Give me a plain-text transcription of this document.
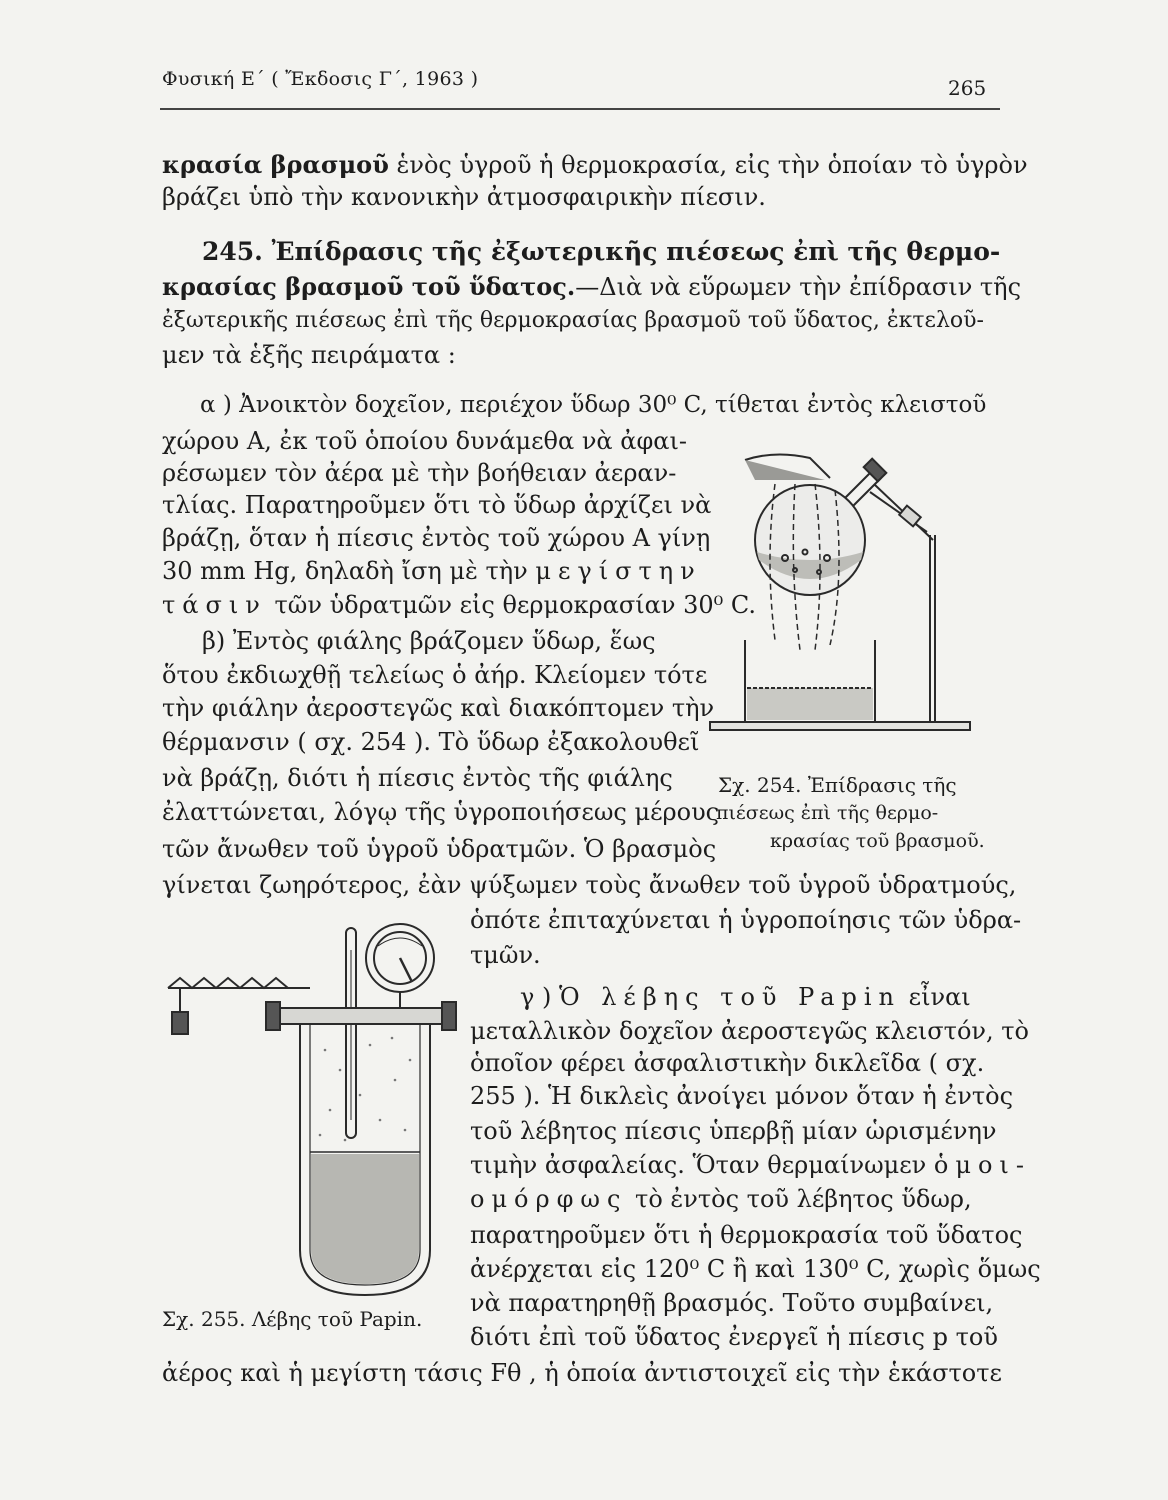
Φυσική Ε΄ ( Ἔκδοσις Γ΄, 1963 )	265
κρασία βρασμοῦ ἑνὸς ὑγροῦ ἡ θερμοκρασία, εἰς τὴν ὁποίαν τὸ ὑγρὸν
βράζει ὑπὸ τὴν κανονικὴν ἀτμοσφαιρικὴν πίεσιν.
245. Ἐπίδρασις τῆς ἐξωτερικῆς πιέσεως ἐπὶ τῆς θερμο-
κρασίας βρασμοῦ τοῦ ὕδατος.—Διὰ νὰ εὕρωμεν τὴν ἐπίδρασιν τῆς
ἐξωτερικῆς πιέσεως ἐπὶ τῆς θερμοκρασίας βρασμοῦ τοῦ ὕδατος, ἐκτελοῦ-
μεν τὰ ἑξῆς πειράματα :
α ) Ἀνοικτὸν δοχεῖον, περιέχον ὕδωρ 30⁰ C, τίθεται ἐντὸς κλειστοῦ
χώρου Α, ἐκ τοῦ ὁποίου δυνάμεθα νὰ ἀφαι-
ρέσωμεν τὸν ἀέρα μὲ τὴν βοήθειαν ἀεραν-
τλίας. Παρατηροῦμεν ὅτι τὸ ὕδωρ ἀρχίζει νὰ
βράζῃ, ὅταν ἡ πίεσις ἐντὸς τοῦ χώρου Α γίνῃ
30 mm Hg, δηλαδὴ ἴση μὲ τὴν μεγίστην
τάσιν τῶν ὑδρατμῶν εἰς θερμοκρασίαν 30⁰ C.
β) Ἐντὸς φιάλης βράζομεν ὕδωρ, ἕως
ὅτου ἐκδιωχθῇ τελείως ὁ ἀήρ. Κλείομεν τότε
τὴν φιάλην ἀεροστεγῶς καὶ διακόπτομεν τὴν
θέρμανσιν ( σχ. 254 ). Τὸ ὕδωρ ἐξακολουθεῖ
νὰ βράζῃ, διότι ἡ πίεσις ἐντὸς τῆς φιάλης
ἐλαττώνεται, λόγῳ τῆς ὑγροποιήσεως μέρους
τῶν ἄνωθεν τοῦ ὑγροῦ ὑδρατμῶν. Ὁ βρασμὸς
γίνεται ζωηρότερος, ἐὰν ψύξωμεν τοὺς ἄνωθεν τοῦ ὑγροῦ ὑδρατμούς,
ὁπότε ἐπιταχύνεται ἡ ὑγροποίησις τῶν ὑδρα-
τμῶν.
γ ) Ὁ λέβης τοῦ Papin εἶναι
μεταλλικὸν δοχεῖον ἀεροστεγῶς κλειστόν, τὸ
ὁποῖον φέρει ἀσφαλιστικὴν δικλεῖδα ( σχ.
255 ). Ἡ δικλεὶς ἀνοίγει μόνον ὅταν ἡ ἐντὸς
τοῦ λέβητος πίεσις ὑπερβῇ μίαν ὡρισμένην
τιμὴν ἀσφαλείας. Ὅταν θερμαίνωμεν ὁμοι-
ομόρφως τὸ ἐντὸς τοῦ λέβητος ὕδωρ,
παρατηροῦμεν ὅτι ἡ θερμοκρασία τοῦ ὕδατος
ἀνέρχεται εἰς 120⁰ C ἢ καὶ 130⁰ C, χωρὶς ὅμως
νὰ παρατηρηθῇ βρασμός. Τοῦτο συμβαίνει,
διότι ἐπὶ τοῦ ὕδατος ἐνεργεῖ ἡ πίεσις p τοῦ
ἀέρος καὶ ἡ μεγίστη τάσις Fθ , ἡ ὁποία ἀντιστοιχεῖ εἰς τὴν ἑκάστοτε
Σχ. 254. Ἐπίδρασις τῆς
πιέσεως ἐπὶ τῆς θερμο-
κρασίας τοῦ βρασμοῦ.
Σχ. 255. Λέβης τοῦ Papin.
